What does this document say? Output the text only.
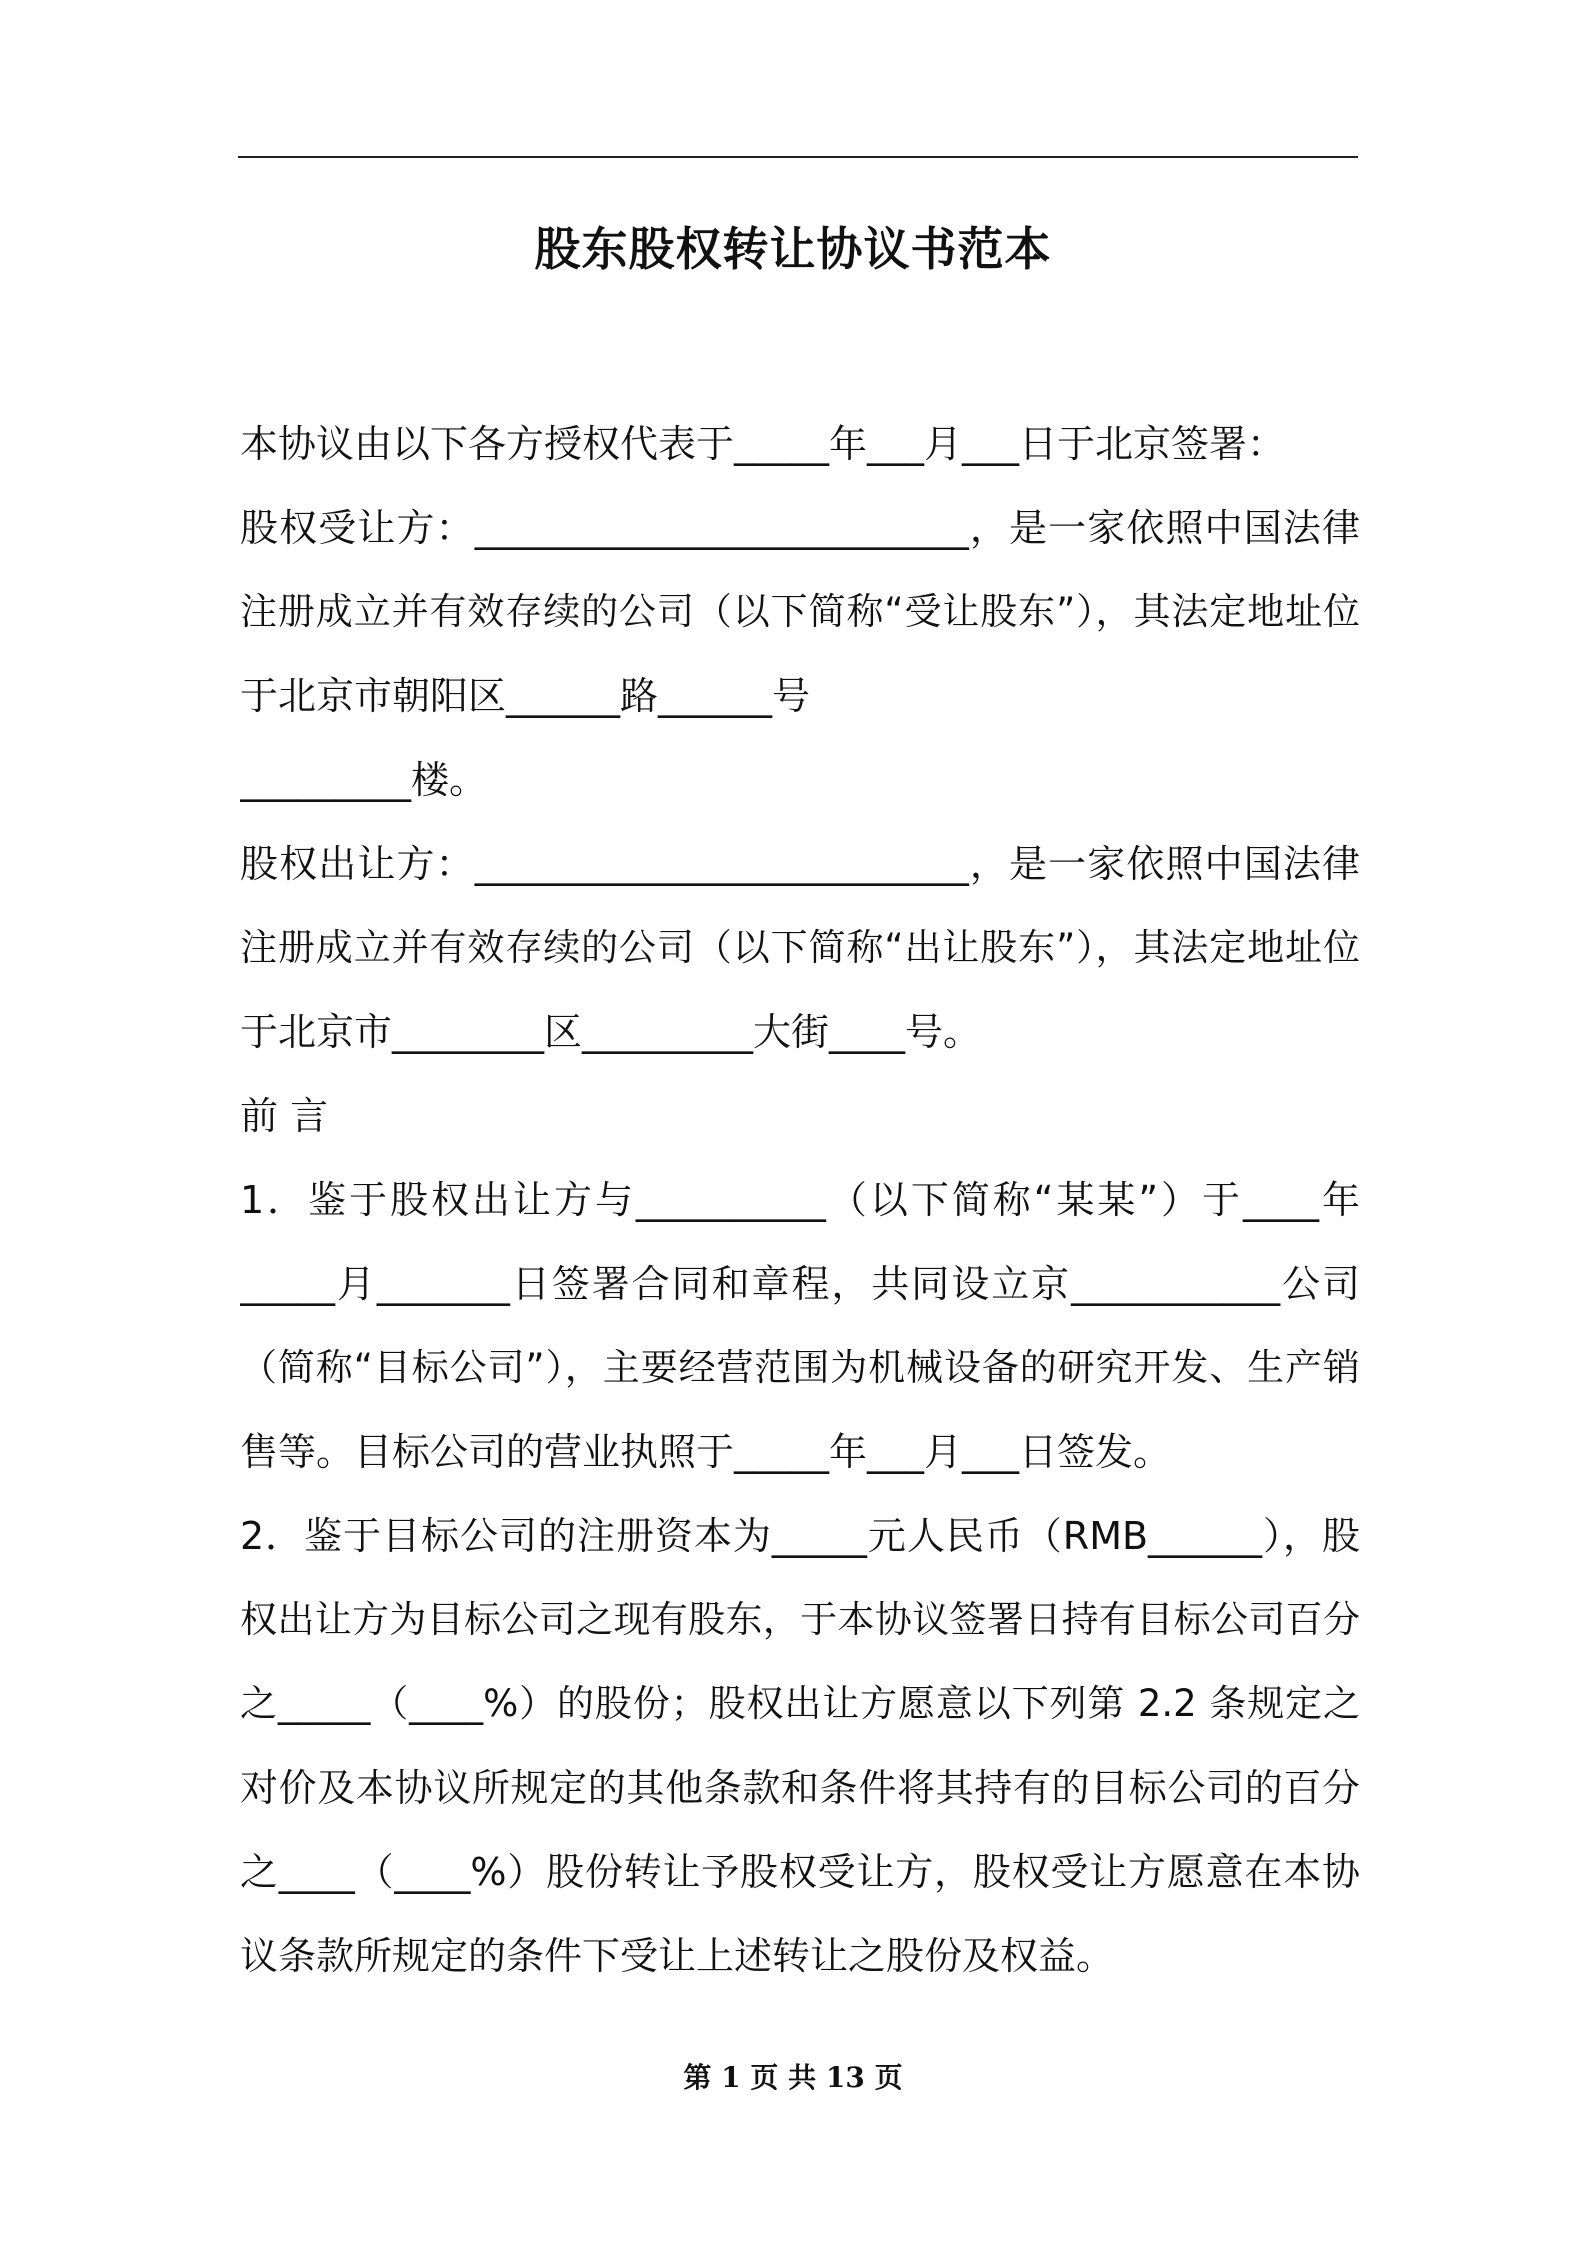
股东股权转让协议书范本
本协议由以下各方授权代表于_____年___月___日于北京签署：
股权受让方：__________________________，是一家依照中国法律
注册成立并有效存续的公司（以下简称“受让股东”），其法定地址位
于北京市朝阳区______路______号
_________楼。
股权出让方：__________________________，是一家依照中国法律
注册成立并有效存续的公司（以下简称“出让股东”），其法定地址位
于北京市________区_________大街____号。
前 言
1．鉴于股权出让方与__________（以下简称“某某”）于____年
_____月_______日签署合同和章程，共同设立京___________公司
（简称“目标公司”），主要经营范围为机械设备的研究开发、生产销
售等。目标公司的营业执照于_____年___月___日签发。
2．鉴于目标公司的注册资本为_____元人民币（RMB______），股
权出让方为目标公司之现有股东，于本协议签署日持有目标公司百分
之_____（____%）的股份；股权出让方愿意以下列第 2.2 条规定之
对价及本协议所规定的其他条款和条件将其持有的目标公司的百分
之____（____%）股份转让予股权受让方，股权受让方愿意在本协
议条款所规定的条件下受让上述转让之股份及权益。
第 1 页 共 13 页
